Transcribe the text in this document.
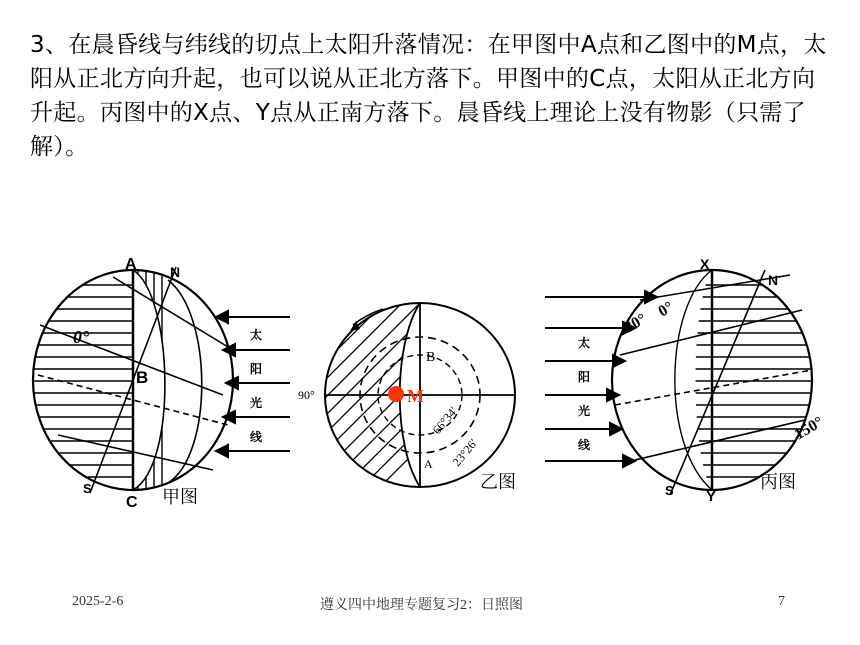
3、在晨昏线与纬线的切点上太阳升落情况：在甲图中A点和乙图中的M点，太阳从正北方向升起，也可以说从正北方落下。甲图中的C点，太阳从正北方向升起。丙图中的X点、Y点从正南方落下。晨昏线上理论上没有物影（只需了解）。

A N
0°
B
S
C
太
阳
光
线
甲图
90°	M
B
A
66°34′
23°26′
乙图
X
N
30°
0°
150°
S Y
太
阳
光
线
丙图
2025-2-6	遵义四中地理专题复习2：日照图	7
